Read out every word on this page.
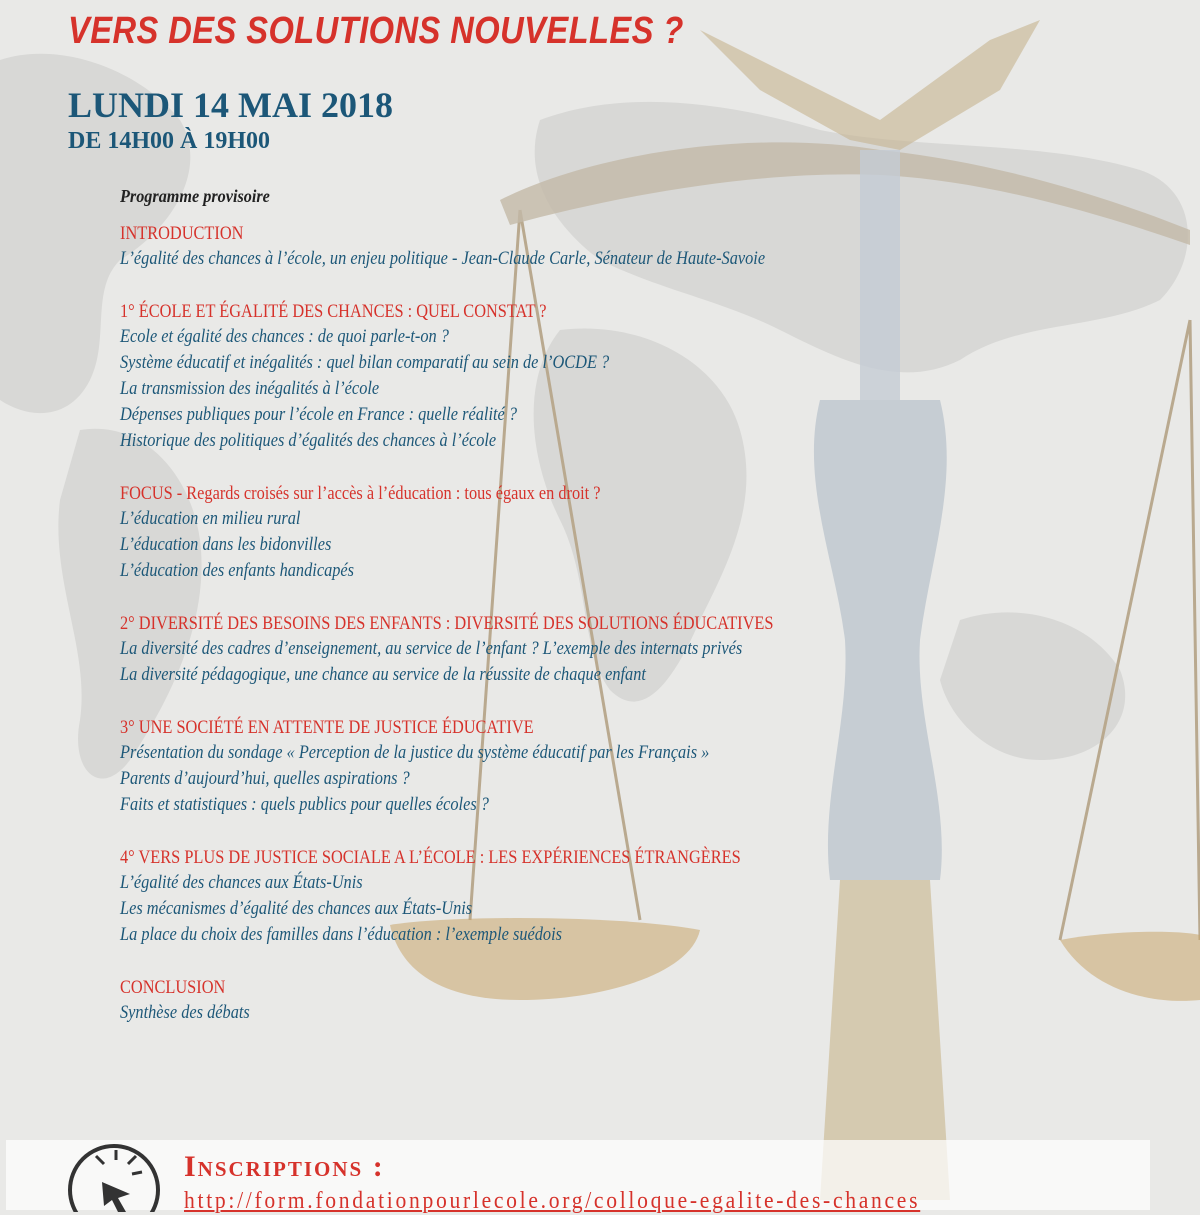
VERS DES SOLUTIONS NOUVELLES ?
LUNDI 14 MAI 2018
DE 14H00 À 19H00
Programme provisoire
INTRODUCTION
L’égalité des chances à l’école, un enjeu politique - Jean-Claude Carle, Sénateur de Haute-Savoie
1° ÉCOLE ET ÉGALITÉ DES CHANCES : QUEL CONSTAT ?
Ecole et égalité des chances : de quoi parle-t-on ?
Système éducatif et inégalités : quel bilan comparatif au sein de l’OCDE ?
La transmission des inégalités à l’école
Dépenses publiques pour l’école en France : quelle réalité ?
Historique des politiques d’égalités des chances à l’école
FOCUS - Regards croisés sur l’accès à l’éducation : tous égaux en droit ?
L’éducation en milieu rural
L’éducation dans les bidonvilles
L’éducation des enfants handicapés
2° DIVERSITÉ DES BESOINS DES ENFANTS : DIVERSITÉ DES SOLUTIONS ÉDUCATIVES
La diversité des cadres d’enseignement, au service de l’enfant ? L’exemple des internats privés
La diversité pédagogique, une chance au service de la réussite de chaque enfant
3° UNE SOCIÉTÉ EN ATTENTE DE JUSTICE ÉDUCATIVE
Présentation du sondage « Perception de la justice du système éducatif par les Français »
Parents d’aujourd’hui, quelles aspirations ?
Faits et statistiques : quels publics pour quelles écoles ?
4° VERS PLUS DE JUSTICE SOCIALE A L’ÉCOLE : LES EXPÉRIENCES ÉTRANGÈRES
L’égalité des chances aux États-Unis
Les mécanismes d’égalité des chances aux États-Unis
La place du choix des familles dans l’éducation : l’exemple suédois
CONCLUSION
Synthèse des débats
Inscriptions :
http://form.fondationpourlecole.org/colloque-egalite-des-chances
